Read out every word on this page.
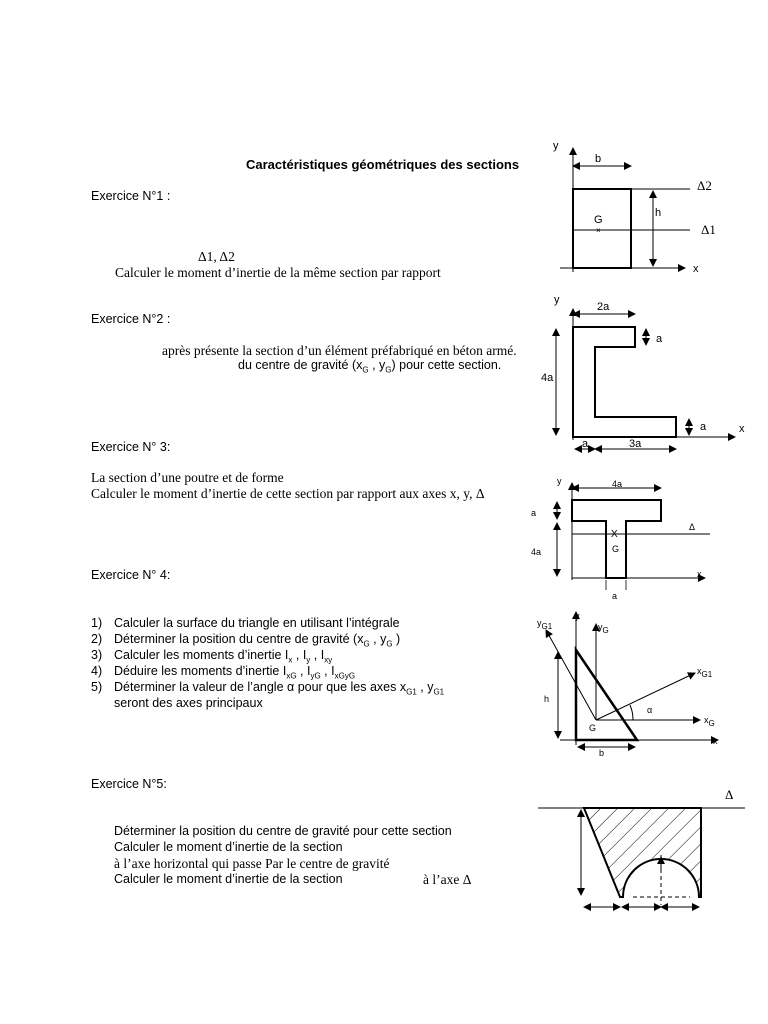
Caractéristiques géométriques des sections
Exercice N°1 :
Δ1, Δ2
Calculer le moment d’inertie de la même section par rapport
Exercice N°2 :
après présente la section d’un élément préfabriqué en béton armé.
du centre de gravité ($x_G$ , $y_G$) pour cette section.
Exercice N° 3:
La section d’une poutre et de forme
Calculer le moment d’inertie de cette section par rapport aux axes x, y, Δ
Exercice N° 4:
1) Calculer la surface du triangle en utilisant l’intégrale
2) Déterminer la position du centre de gravité ($x_G$ , $y_G$ )
3) Calculer les moments d’inertie $I_x$ , $I_y$ , $I_{xy}$
4) Déduire les moments d’inertie $I_{xG}$ , $I_{yG}$ , $I_{xGyG}$
5) Déterminer la valeur de l’angle α pour que les axes $x_{G1}$ , $y_{G1}$
seront des axes principaux
Exercice N°5:
Déterminer la position du centre de gravité pour cette section
Calculer le moment d’inertie de la section
à l’axe horizontal qui passe Par le centre de gravité
Calculer le moment d’inertie de la section	à l’axe Δ
×
X
y
b
h
G
x
Δ2
Δ1
y
2a
a
4a
a	x
a	3a
y	4a
a
Δ
4a	G
x
a
$y_{G1}$
y
$y_G$
$x_{G1}$
h
α
G
$x_G$
x
b
Δ
